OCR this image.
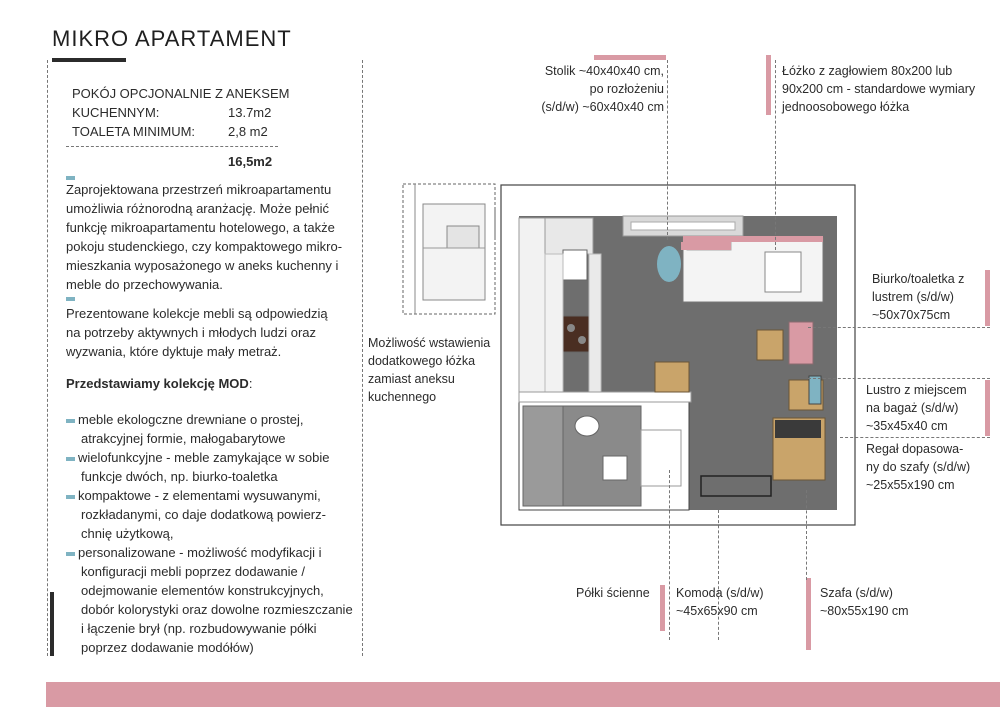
MIKRO APARTAMENT
POKÓJ OPCJONALNIE Z ANEKSEM
KUCHENNYM:	13.7m2
TOALETA MINIMUM:	2,8 m2
16,5m2
Zaprojektowana przestrzeń mikroapartamentu
umożliwia różnorodną aranżację. Może pełnić
funkcję mikroapartamentu hotelowego, a także
pokoju studenckiego, czy kompaktowego mikro-
mieszkania wyposażonego w aneks kuchenny i
meble do przechowywania.
Prezentowane kolekcje mebli są odpowiedzią
na potrzeby aktywnych i młodych ludzi oraz
wyzwania, które dyktuje mały metraż.
Przedstawiamy kolekcję MOD:
meble ekologczne drewniane o prostej,
atrakcyjnej formie, małogabarytowe
wielofunkcyjne - meble zamykające w sobie
funkcje dwóch, np. biurko-toaletka
kompaktowe - z elementami wysuwanymi,
rozkładanymi, co daje dodatkową powierz-
chnię użytkową,
personalizowane - możliwość modyfikacji i
konfiguracji mebli poprzez dodawanie /
odejmowanie elementów konstrukcyjnych,
dobór kolorystyki oraz dowolne rozmieszczanie
i łączenie brył (np. rozbudowywanie półki
poprzez dodawanie modółów)
Stolik ~40x40x40 cm,
po rozłożeniu
(s/d/w) ~60x40x40 cm
Łóżko z zagłowiem 80x200 lub
90x200 cm - standardowe wymiary
jednoosobowego łóżka
Możliwość wstawienia
dodatkowego łóżka
zamiast aneksu
kuchennego
Biurko/toaletka z
lustrem (s/d/w)
~50x70x75cm
Lustro z miejscem
na bagaż (s/d/w)
~35x45x40 cm
Regał dopasowa-
ny do szafy (s/d/w)
~25x55x190 cm
Półki ścienne Komoda (s/d/w)
~45x65x90 cm
Szafa (s/d/w)
~80x55x190 cm
